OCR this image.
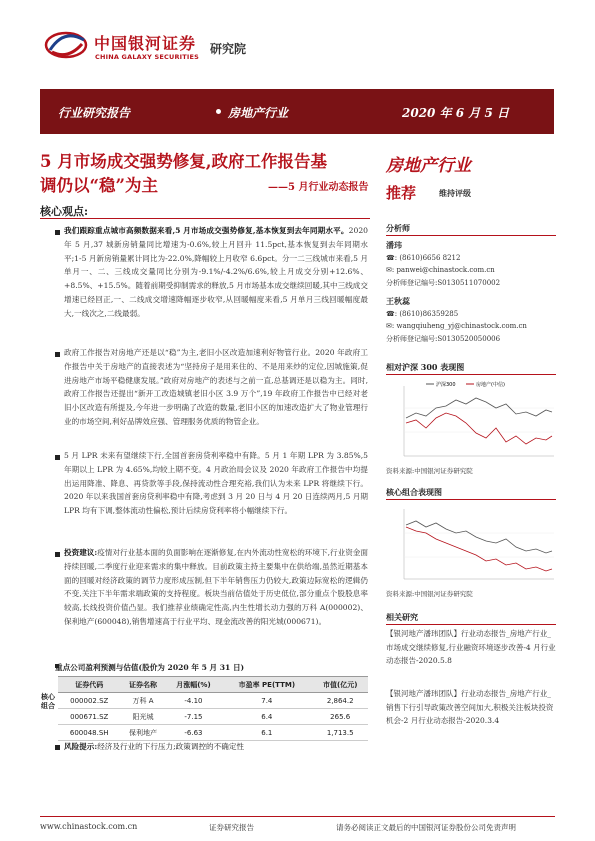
中国银河证券
CHINA GALAXY SECURITIES
研究院
行业研究报告	房地产行业	2020 年 6 月 5 日
5 月市场成交强势修复,政府工作报告基
调仍以“稳”为主	——5 月行业动态报告
房地产行业
推荐	维持评级
核心观点:
我们跟踪重点城市高频数据来看,5 月市场成交强势修复,基本恢复到去年同期水平。2020 年 5 月,37 城新房销量同比增速为-0.6%,较上月回升 11.5pct,基本恢复到去年同期水平;1-5 月新房销量累计同比为-22.0%,降幅较上月收窄 6.6pct。分一二三线城市来看,5 月单月一、二、三线成交量同比分别为-9.1%/-4.2%/6.6%,较上月成交分别+12.6%、+8.5%、+15.5%。随着前期受抑制需求的释放,5 月市场基本成交继续回暖,其中三线成交增速已经回正,一、二线成交增速降幅逐步收窄,从回暖幅度来看,5 月单月三线回暖幅度最大,一线次之,二线最弱。
政府工作报告对房地产还是以“稳”为主,老旧小区改造加速利好物管行业。2020 年政府工作报告中关于房地产的直接表述为“坚持房子是用来住的、不是用来炒的定位,因城施策,促进房地产市场平稳健康发展。”政府对房地产的表述与之前一直,总基调还是以稳为主。同时,政府工作报告还提出“新开工改造城镇老旧小区 3.9 万个”,19 年政府工作报告中已经对老旧小区改造有所提及,今年进一步明确了改造的数量,老旧小区的加速改造扩大了物业管理行业的市场空间,利好品牌效应强、管理服务优质的物管企业。
5 月 LPR 未来有望继续下行,全国首套房贷利率稳中有降。5 月 1 年期 LPR 为 3.85%,5 年期以上 LPR 为 4.65%,均较上期不变。4 月政治局会议及 2020 年政府工作报告中均提出运用降准、降息、再贷款等手段,保持流动性合理充裕,我们认为未来 LPR 将继续下行。2020 年以来我国首套房贷利率稳中有降,考虑到 3 月 20 日与 4 月 20 日连续两月,5 月期 LPR 均有下调,整体流动性偏松,预计后续房贷利率将小幅继续下行。
投资建议:疫情对行业基本面的负面影响在逐渐修复,在内外流动性宽松的环境下,行业资金面持续回暖,二季度行业迎来需求的集中释放。目前政策主持主要集中在供给端,虽然近期基本面的回暖对经济政策的调节力度形成压制,但下半年销售压力仍较大,政策边际宽松的逻辑仍不变,关注下半年需求端政策的支持程度。板块当前估值处于历史低位,部分重点个股股息率较高,长线投资价值凸显。我们推荐业绩确定性高,内生性增长动力强的万科 A(000002)、保利地产(600048),销售增速高于行业平均、现金流改善的阳光城(000671)。
重点公司盈利预测与估值(股价为 2020 年 5 月 31 日)
核心组合
证券代码	证券名称	月涨幅(%)	市盈率 PE(TTM)	市值(亿元)
000002.SZ	万科 A	-4.10	7.4	2,864.2
000671.SZ	阳光城	-7.15	6.4	265.6
600048.SH	保利地产	-6.63	6.1	1,713.5
风险提示:经济及行业的下行压力;政策调控的不确定性
分析师
潘玮
☎: (8610)6656 8212
✉: panwei@chinastock.com.cn
分析师登记编号:S0130511070002
王秋蕊
☎: (8610)86359285
✉: wangqiuheng_yj@chinastock.com.cn
分析师登记编号:S0130520050006
相对沪深 300 表现图
沪深300	房地产(中信)
资料来源:中国银河证券研究院
核心组合表现图
资料来源:中国银河证券研究院
相关研究
【银河地产潘玮团队】行业动态报告_房地产行业_市场成交继续修复,行业融资环境逐步改善-4 月行业动态报告-2020.5.8
【银河地产潘玮团队】行业动态报告_房地产行业_销售下行引导政策改善空间加大,积极关注板块投资机会-2 月行业动态报告-2020.3.4
www.chinastock.com.cn	证券研究报告	请务必阅读正文最后的中国银河证券股份公司免责声明
